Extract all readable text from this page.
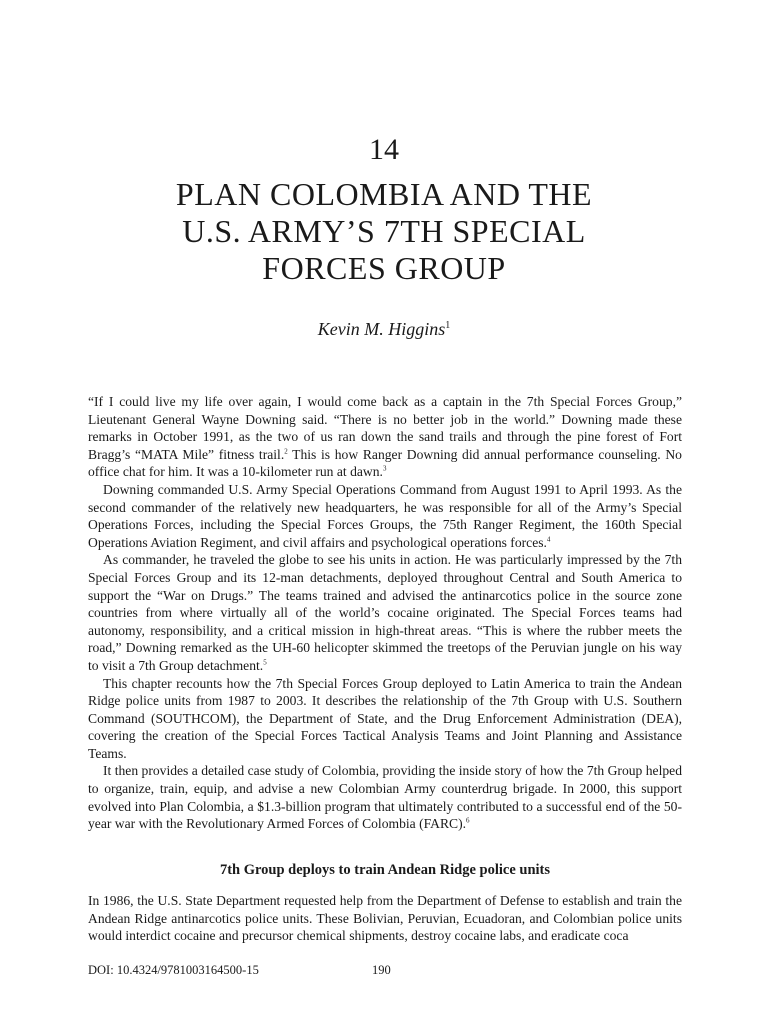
14
PLAN COLOMBIA AND THE
U.S. ARMY’S 7TH SPECIAL
FORCES GROUP
Kevin M. Higgins$^1$

“If I could live my life over again, I would come back as a captain in the 7th Special Forces Group,” Lieutenant General Wayne Downing said. “There is no better job in the world.” Downing made these remarks in October 1991, as the two of us ran down the sand trails and through the pine forest of Fort Bragg’s “MATA Mile” fitness trail.$^2$ This is how Ranger Downing did annual performance counseling. No office chat for him. It was a 10-kilometer run at dawn.$^3$

Downing commanded U.S. Army Special Operations Command from August 1991 to April 1993. As the second commander of the relatively new headquarters, he was responsible for all of the Army’s Special Operations Forces, including the Special Forces Groups, the 75th Ranger Regiment, the 160th Special Operations Aviation Regiment, and civil affairs and psychological operations forces.$^4$

As commander, he traveled the globe to see his units in action. He was particularly impressed by the 7th Special Forces Group and its 12-man detachments, deployed throughout Central and South America to support the “War on Drugs.” The teams trained and advised the antinarcotics police in the source zone countries from where virtually all of the world’s cocaine originated. The Special Forces teams had autonomy, responsibility, and a critical mission in high-threat areas. “This is where the rubber meets the road,” Downing remarked as the UH-60 helicopter skimmed the treetops of the Peruvian jungle on his way to visit a 7th Group detachment.$^5$

This chapter recounts how the 7th Special Forces Group deployed to Latin America to train the Andean Ridge police units from 1987 to 2003. It describes the relationship of the 7th Group with U.S. Southern Command (SOUTHCOM), the Department of State, and the Drug Enforcement Administration (DEA), covering the creation of the Special Forces Tactical Analysis Teams and Joint Planning and Assistance Teams.

It then provides a detailed case study of Colombia, providing the inside story of how the 7th Group helped to organize, train, equip, and advise a new Colombian Army counterdrug brigade. In 2000, this support evolved into Plan Colombia, a $1.3-billion program that ultimately contributed to a successful end of the 50-year war with the Revolutionary Armed Forces of Colombia (FARC).$^6$

7th Group deploys to train Andean Ridge police units

In 1986, the U.S. State Department requested help from the Department of Defense to establish and train the Andean Ridge antinarcotics police units. These Bolivian, Peruvian, Ecuadoran, and Colombian police units would interdict cocaine and precursor chemical shipments, destroy cocaine labs, and eradicate coca

DOI: 10.4324/9781003164500-15	190
